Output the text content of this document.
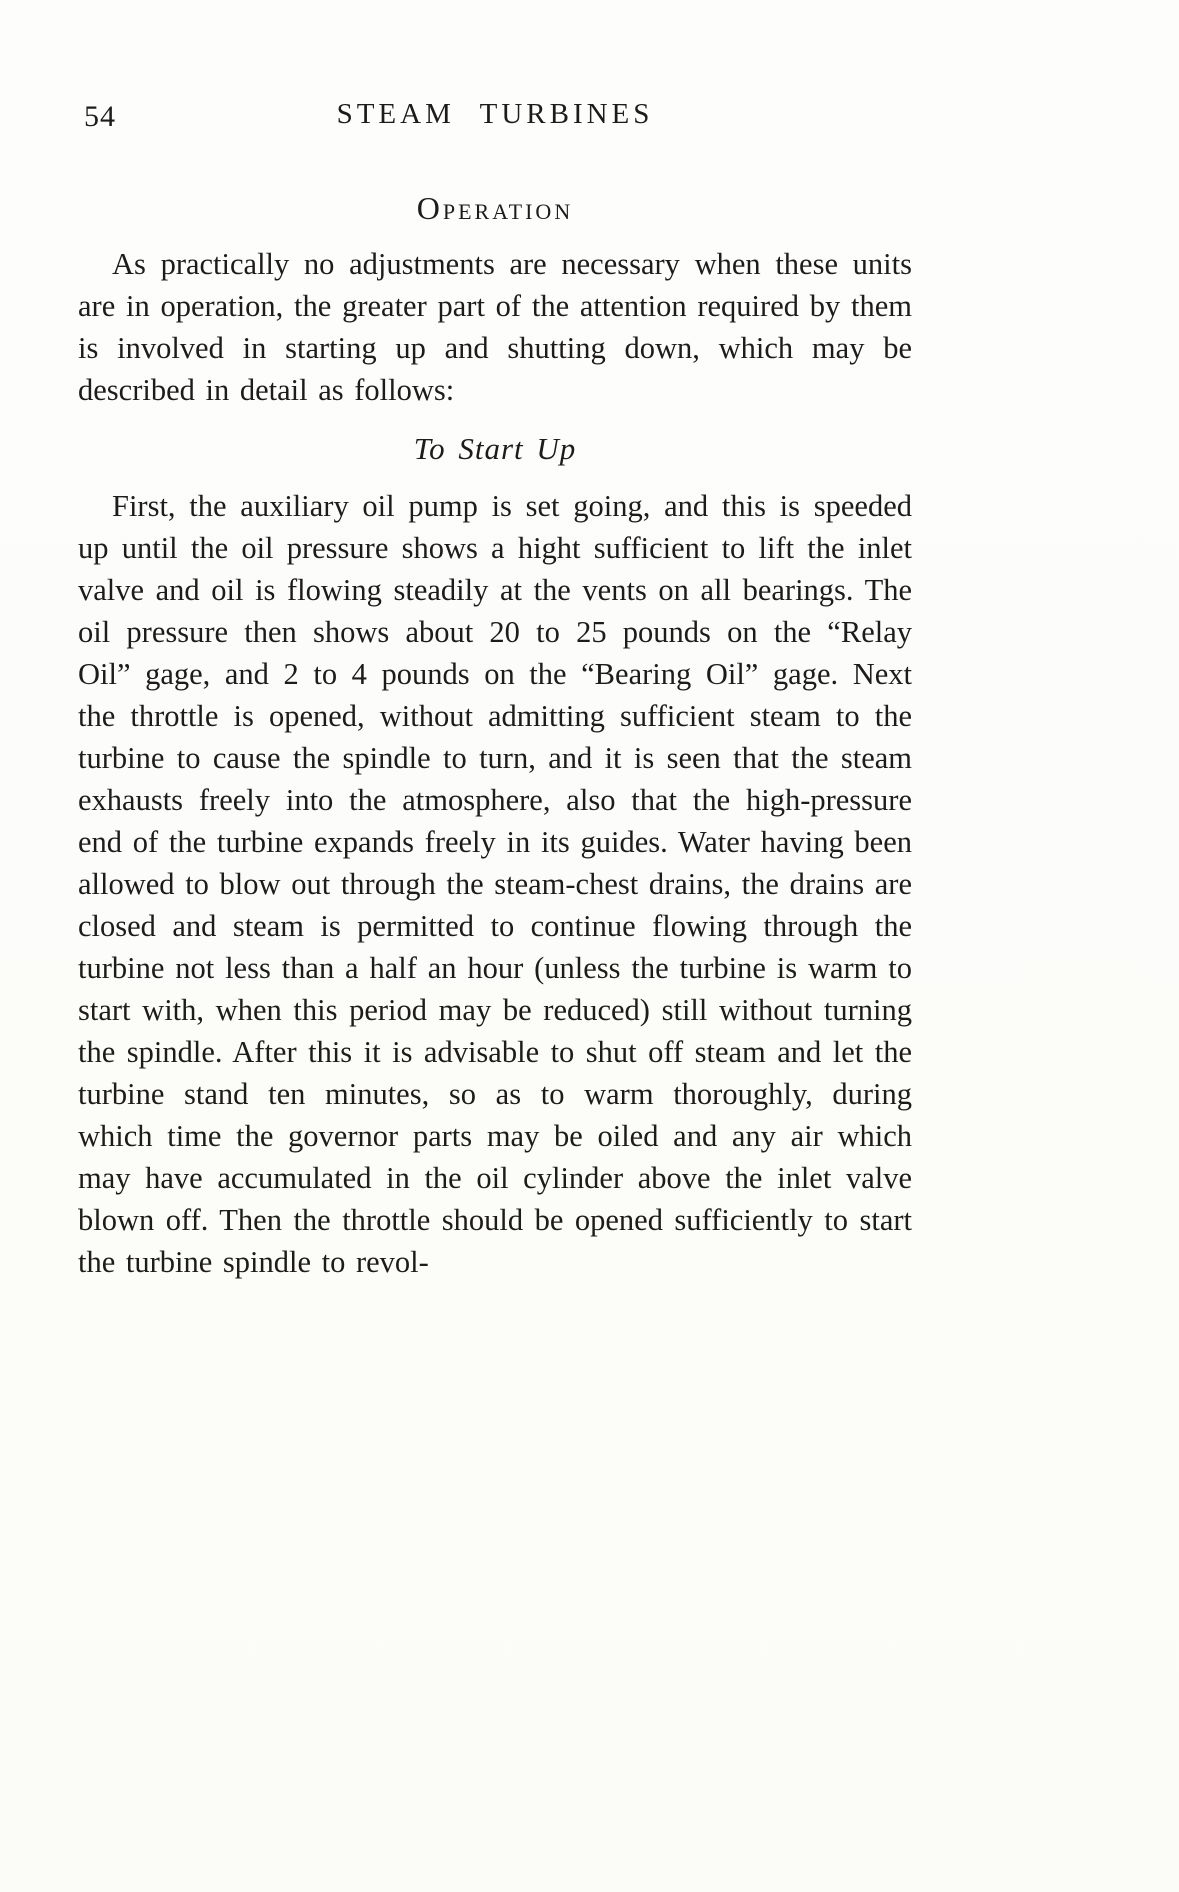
54	STEAM TURBINES
Operation

As practically no adjustments are necessary when these units are in operation, the greater part of the attention required by them is involved in starting up and shutting down, which may be described in detail as follows:

To Start Up

First, the auxiliary oil pump is set going, and this is speeded up until the oil pressure shows a hight sufficient to lift the inlet valve and oil is flowing steadily at the vents on all bearings. The oil pressure then shows about 20 to 25 pounds on the “Relay Oil” gage, and 2 to 4 pounds on the “Bearing Oil” gage. Next the throttle is opened, without admitting sufficient steam to the turbine to cause the spindle to turn, and it is seen that the steam exhausts freely into the atmosphere, also that the high-pressure end of the turbine expands freely in its guides. Water having been allowed to blow out through the steam-chest drains, the drains are closed and steam is permitted to continue flowing through the turbine not less than a half an hour (unless the turbine is warm to start with, when this period may be reduced) still without turning the spindle. After this it is advisable to shut off steam and let the turbine stand ten minutes, so as to warm thoroughly, during which time the governor parts may be oiled and any air which may have accumulated in the oil cylinder above the inlet valve blown off. Then the throttle should be opened sufficiently to start the turbine spindle to revol-
